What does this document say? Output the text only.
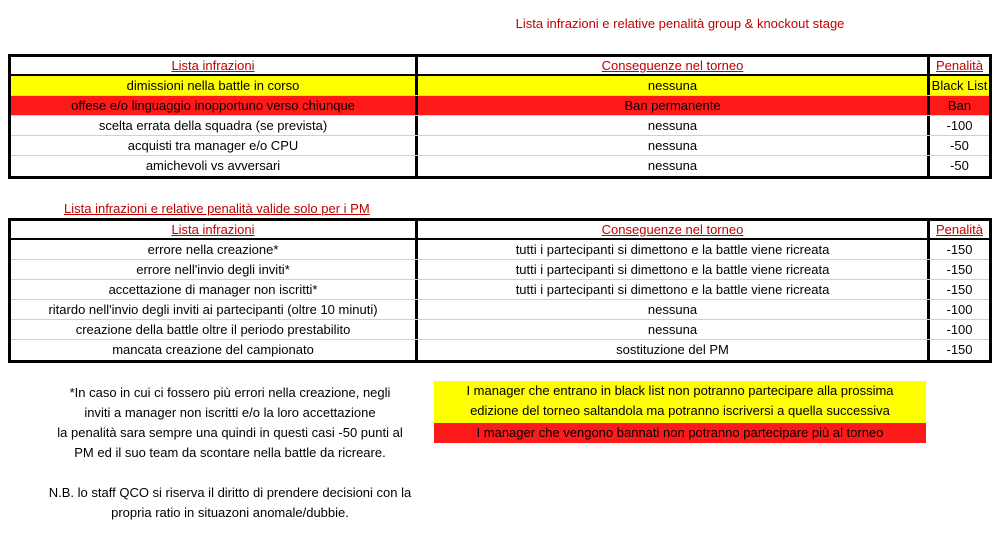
Lista infrazioni e relative penalità group & knockout stage
Lista infrazioni	Conseguenze nel torneo	Penalità
dimissioni nella battle in corso	nessuna	Black List
offese e/o linguaggio inopportuno verso chiunque	Ban permanente	Ban
scelta errata della squadra (se prevista)	nessuna	-100
acquisti tra manager e/o CPU	nessuna	-50
amichevoli vs avversari	nessuna	-50
Lista infrazioni e relative penalità valide solo per i PM
Lista infrazioni	Conseguenze nel torneo	Penalità
errore nella creazione*	tutti i partecipanti si dimettono e la battle viene ricreata	-150
errore nell'invio degli inviti*	tutti i partecipanti si dimettono e la battle viene ricreata	-150
accettazione di manager non iscritti*	tutti i partecipanti si dimettono e la battle viene ricreata	-150
ritardo nell'invio degli inviti ai partecipanti (oltre 10 minuti)	nessuna	-100
creazione della battle oltre il periodo prestabilito	nessuna	-100
mancata creazione del campionato	sostituzione del PM	-150
*In caso in cui ci fossero più errori nella creazione, negli
inviti a manager non iscritti e/o la loro accettazione
la penalità sara sempre una quindi in questi casi -50 punti al
PM ed il suo team da scontare nella battle da ricreare.
N.B. lo staff QCO si riserva il diritto di prendere decisioni con la
propria ratio in situazoni anomale/dubbie.
I manager che entrano in black list non potranno partecipare alla prossima
edizione del torneo saltandola ma potranno iscriversi a quella successiva
I manager che vengono bannati non potranno partecipare più al torneo
